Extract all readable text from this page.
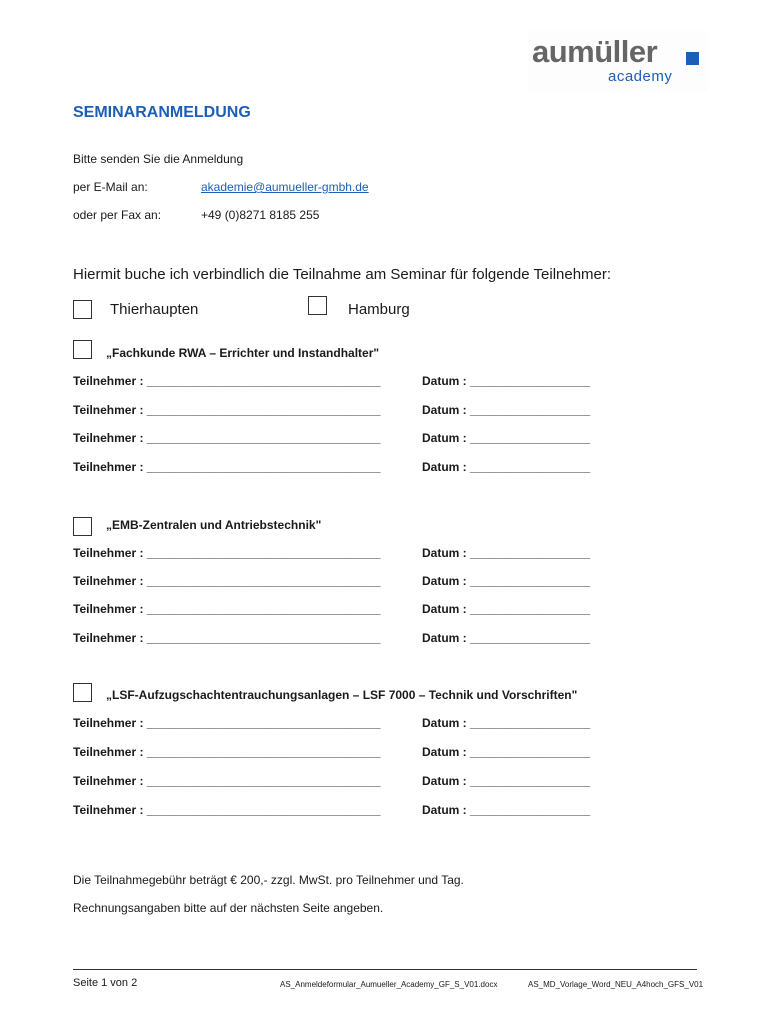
aumüller
academy
SEMINARANMELDUNG
Bitte senden Sie die Anmeldung
per E-Mail an:	akademie@aumueller-gmbh.de
oder per Fax an:	+49 (0)8271 8185 255
Hiermit buche ich verbindlich die Teilnahme am Seminar für folgende Teilnehmer:
Thierhaupten	Hamburg
„Fachkunde RWA – Errichter und Instandhalter"
Teilnehmer : ___________________________________	Datum : __________________
Teilnehmer : ___________________________________	Datum : __________________
Teilnehmer : ___________________________________	Datum : __________________
Teilnehmer : ___________________________________	Datum : __________________
„EMB-Zentralen und Antriebstechnik"
Teilnehmer : ___________________________________	Datum : __________________
Teilnehmer : ___________________________________	Datum : __________________
Teilnehmer : ___________________________________	Datum : __________________
Teilnehmer : ___________________________________	Datum : __________________
„LSF-Aufzugschachtentrauchungsanlagen – LSF 7000 – Technik und Vorschriften"
Teilnehmer : ___________________________________	Datum : __________________
Teilnehmer : ___________________________________	Datum : __________________
Teilnehmer : ___________________________________	Datum : __________________
Teilnehmer : ___________________________________	Datum : __________________
Die Teilnahmegebühr beträgt € 200,- zzgl. MwSt. pro Teilnehmer und Tag.
Rechnungsangaben bitte auf der nächsten Seite angeben.
Seite 1 von 2	AS_Anmeldeformular_Aumueller_Academy_GF_S_V01.docx	AS_MD_Vorlage_Word_NEU_A4hoch_GFS_V01
